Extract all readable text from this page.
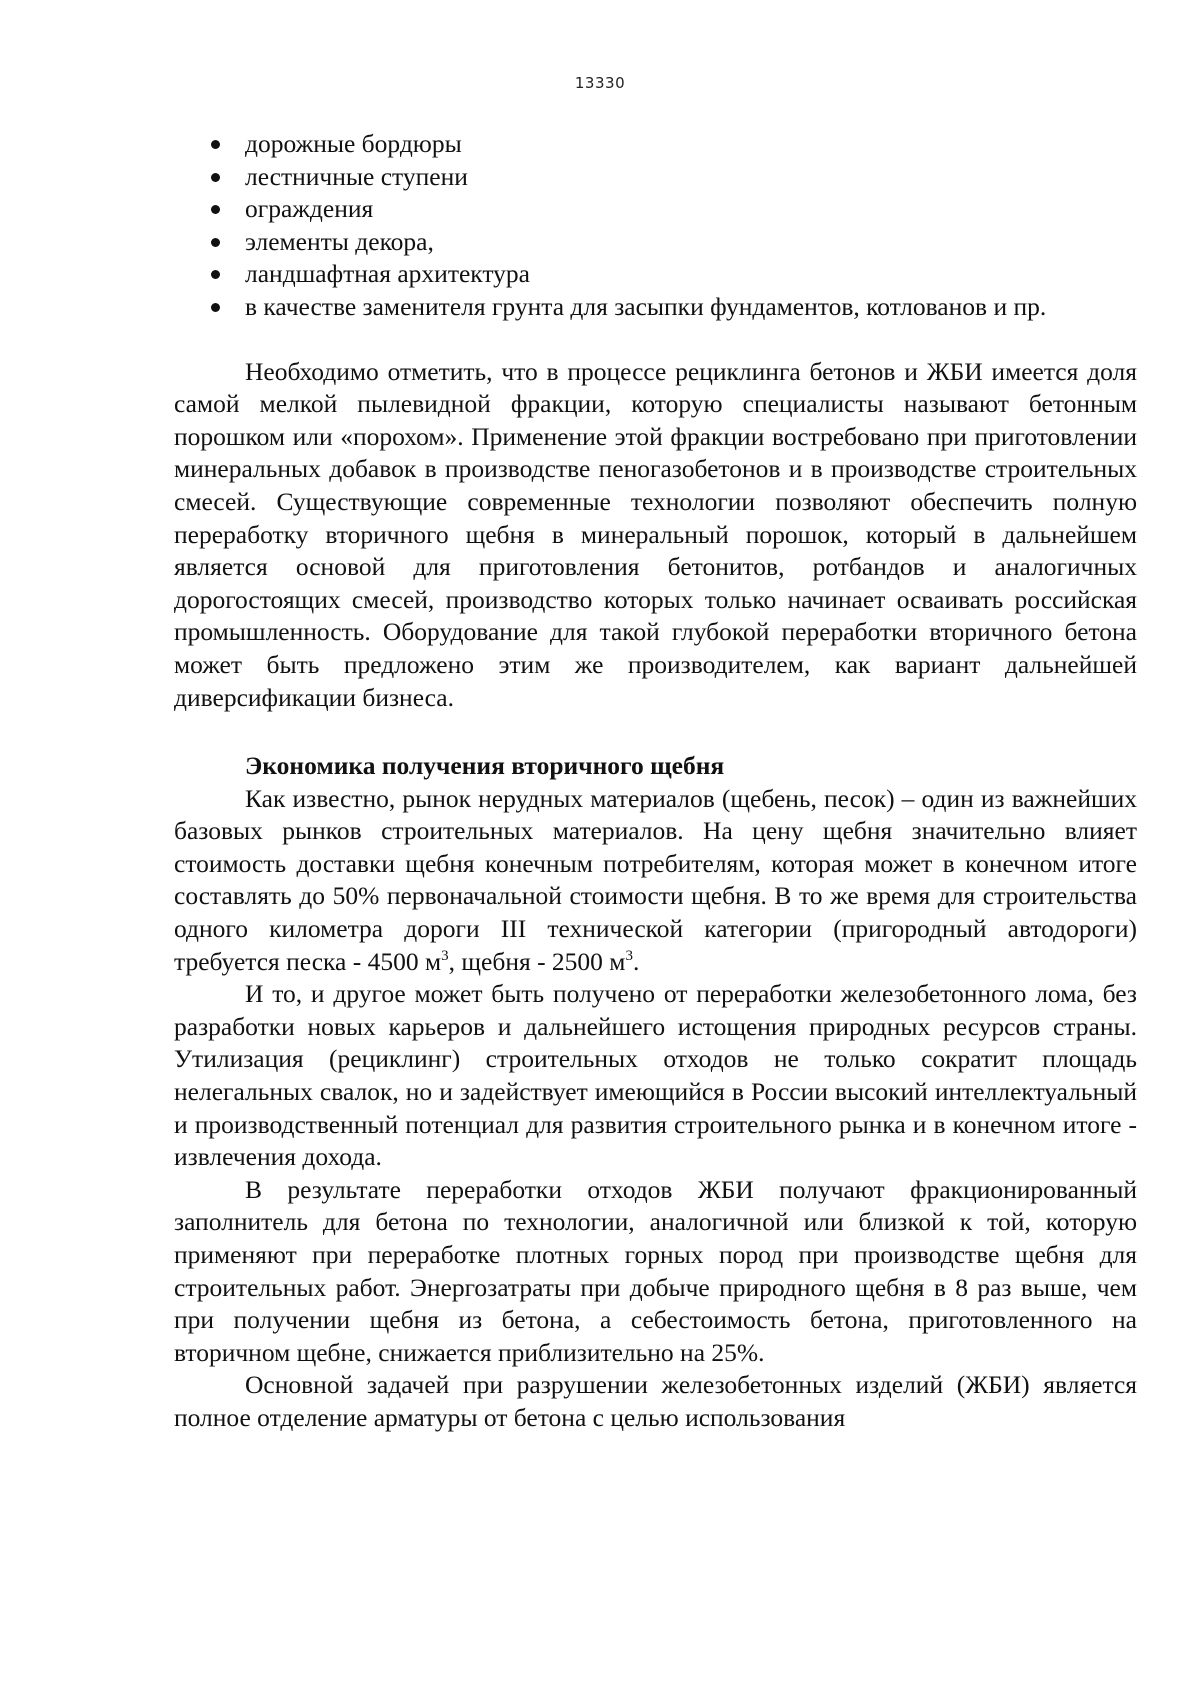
13330
дорожные бордюры
лестничные ступени
ограждения
элементы декора,
ландшафтная архитектура
в качестве заменителя грунта для засыпки фундаментов, котлованов и пр.

Необходимо отметить, что в процессе рециклинга бетонов и ЖБИ имеется доля самой мелкой пылевидной фракции, которую специалисты называют бетонным порошком или «порохом». Применение этой фракции востребовано при приготовлении минеральных добавок в производстве пеногазобетонов и в производстве строительных смесей. Существующие современные технологии позволяют обеспечить полную переработку вторичного щебня в минеральный порошок, который в дальнейшем является основой для приготовления бетонитов, ротбандов и аналогичных дорогостоящих смесей, производство которых только начинает осваивать российская промышленность. Оборудование для такой глубокой переработки вторичного бетона может быть предложено этим же производителем, как вариант дальнейшей диверсификации бизнеса.

Экономика получения вторичного щебня

Как известно, рынок нерудных материалов (щебень, песок) – один из важнейших базовых рынков строительных материалов. На цену щебня значительно влияет стоимость доставки щебня конечным потребителям, которая может в конечном итоге составлять до 50% первоначальной стоимости щебня. В то же время для строительства одного километра дороги III технической категории (пригородный автодороги) требуется песка - 4500 $м^3$, щебня - 2500 $м^3$.

И то, и другое может быть получено от переработки железобетонного лома, без разработки новых карьеров и дальнейшего истощения природных ресурсов страны. Утилизация (рециклинг) строительных отходов не только сократит площадь нелегальных свалок, но и задействует имеющийся в России высокий интеллектуальный и производственный потенциал для развития строительного рынка и в конечном итоге - извлечения дохода.

В результате переработки отходов ЖБИ получают фракционированный заполнитель для бетона по технологии, аналогичной или близкой к той, которую применяют при переработке плотных горных пород при производстве щебня для строительных работ. Энергозатраты при добыче природного щебня в 8 раз выше, чем при получении щебня из бетона, а себестоимость бетона, приготовленного на вторичном щебне, снижается приблизительно на 25%.

Основной задачей при разрушении железобетонных изделий (ЖБИ) является полное отделение арматуры от бетона с целью использования
